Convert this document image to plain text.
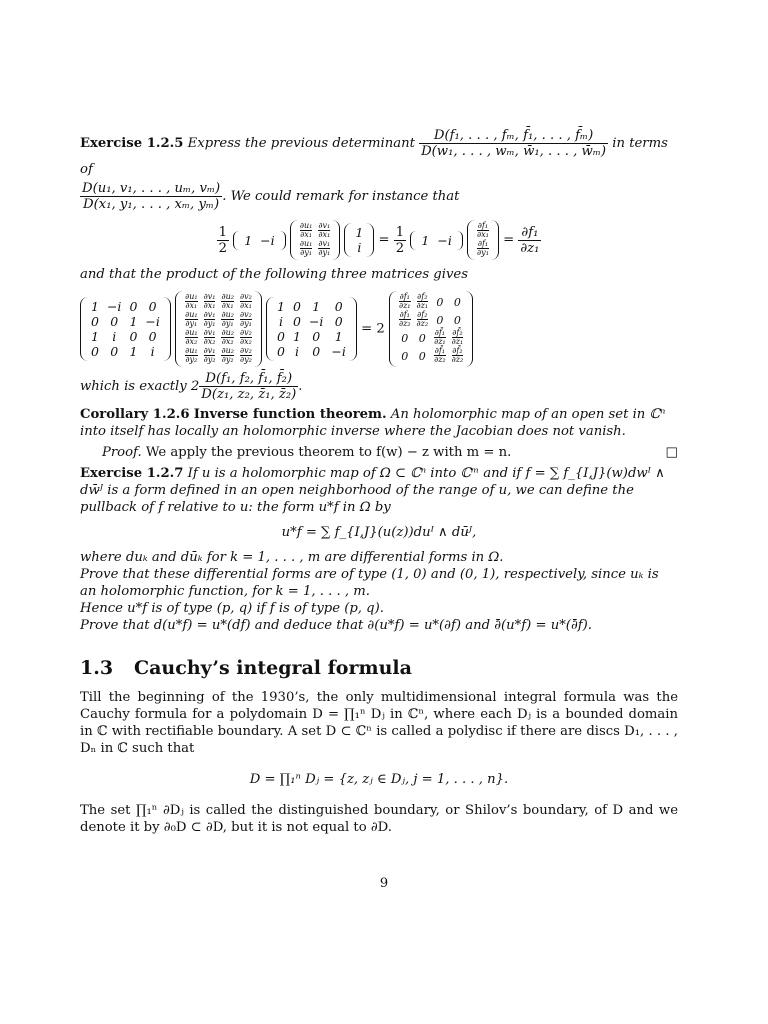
Exercise 1.2.5 Express the previous determinant $\frac{\text{D(f₁, . . . , fₘ, f̄₁, . . . , f̄ₘ)}}{\text{D(w₁, . . . , wₘ, w̄₁, . . . , w̄ₘ)}}$ in terms of

$\frac{\text{D(u₁, v₁, . . . , uₘ, vₘ)}}{\text{D(x₁, y₁, . . . , xₘ, yₘ)}}$ . We could remark for instance that

$\frac{1}{2}$
1	−i

$\frac{\text{∂u₁}}{\text{∂x₁}}$	$\frac{\text{∂v₁}}{\text{∂x₁}}$

$\frac{\text{∂u₁}}{\text{∂y₁}}$	$\frac{\text{∂v₁}}{\text{∂y₁}}$

1
$i = \frac{1}{2}$
1	−i

$\frac{\text{∂f₁}}{\text{∂x₁}}$

$\frac{\text{∂f₁}}{\text{∂y₁}} = \frac{\text{∂f₁}}{\text{∂z₁}}$

and that the product of the following three matrices gives

1	−i	0	0
0	0	1	−i
1	i	0	0
0	0	1	i

$\frac{\text{∂u₁}}{\text{∂x₁}}$	$\frac{\text{∂v₁}}{\text{∂x₁}}$	$\frac{\text{∂u₂}}{\text{∂x₁}}$	$\frac{\text{∂v₂}}{\text{∂x₁}}$

$\frac{\text{∂u₁}}{\text{∂y₁}}$	$\frac{\text{∂v₁}}{\text{∂y₁}}$	$\frac{\text{∂u₂}}{\text{∂y₁}}$	$\frac{\text{∂v₂}}{\text{∂y₁}}$

$\frac{\text{∂u₁}}{\text{∂x₂}}$	$\frac{\text{∂v₁}}{\text{∂x₂}}$	$\frac{\text{∂u₂}}{\text{∂x₂}}$	$\frac{\text{∂v₂}}{\text{∂x₂}}$

$\frac{\text{∂u₁}}{\text{∂y₂}}$	$\frac{\text{∂v₁}}{\text{∂y₂}}$	$\frac{\text{∂u₂}}{\text{∂y₂}}$	$\frac{\text{∂v₂}}{\text{∂y₂}}$

1	0	1	0
i	0	−i	0
0	1	0	1
0	i	0	−i
= 2
$\frac{\text{∂f₁}}{\text{∂z₁}}$	$\frac{\text{∂f₂}}{\text{∂z₁}}$	0	0

$\frac{\text{∂f₁}}{\text{∂z₂}}$	$\frac{\text{∂f₂}}{\text{∂z₂}}$	0	0
0	0	$\frac{\text{∂f̄₁}}{\text{∂z̄₁}}$	$\frac{\text{∂f̄₂}}{\text{∂z̄₁}}$

0	0	$\frac{\text{∂f̄₁}}{\text{∂z̄₂}}$	$\frac{\text{∂f̄₂}}{\text{∂z̄₂}}$

which is exactly $2 \frac{\text{D(f₁, f₂, f̄₁, f̄₂)}}{\text{D(z₁, z₂, z̄₁, z̄₂)}}$ .

Corollary 1.2.6 Inverse function theorem. An holomorphic map of an open set in ℂⁿ into itself has locally an holomorphic inverse where the Jacobian does not vanish.

Proof. We apply the previous theorem to f(w) − z with m = n.	□

Exercise 1.2.7 If u is a holomorphic map of Ω ⊂ ℂⁿ into ℂᵐ and if f = ∑ f_{I,J}(w)dwᴵ ∧ dw̄ᴶ is a form defined in an open neighborhood of the range of u, we can define the pullback of f relative to u: the form u*f in Ω by

u*f = ∑ f_{I,J}(u(z))duᴵ ∧ dūᴶ,

where duₖ and dūₖ for k = 1, . . . , m are differential forms in Ω.

Prove that these differential forms are of type (1, 0) and (0, 1), respectively, since uₖ is an holomorphic function, for k = 1, . . . , m.

Hence u*f is of type (p, q) if f is of type (p, q).

Prove that d(u*f) = u*(df) and deduce that ∂(u*f) = u*(∂f) and ∂̄(u*f) = u*(∂̄f).

1.3 Cauchy’s integral formula

Till the beginning of the 1930’s, the only multidimensional integral formula was the Cauchy formula for a polydomain D = ∏₁ⁿ Dⱼ in ℂⁿ, where each Dⱼ is a bounded domain in ℂ with rectifiable boundary. A set D ⊂ ℂⁿ is called a polydisc if there are discs D₁, . . . , Dₙ in ℂ such that

D = ∏₁ⁿ Dⱼ = {z, zⱼ ∈ Dⱼ, j = 1, . . . , n}.

The set ∏₁ⁿ ∂Dⱼ is called the distinguished boundary, or Shilov’s boundary, of D and we denote it by ∂₀D ⊂ ∂D, but it is not equal to ∂D.

9
